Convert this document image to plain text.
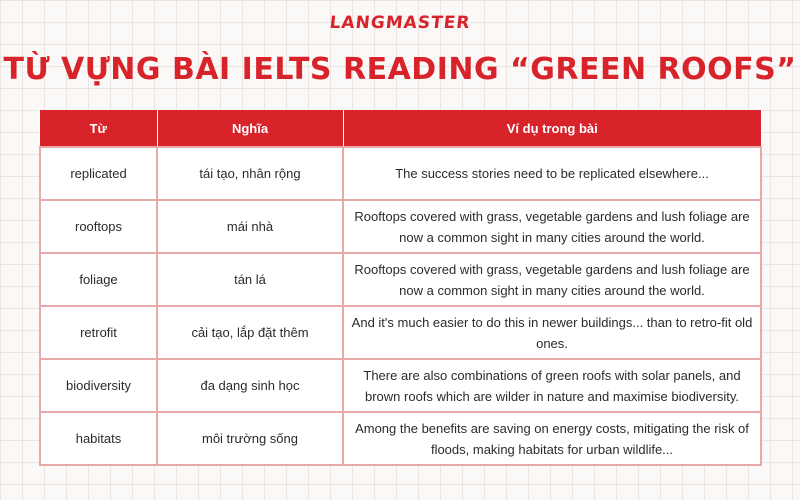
LANGMASTER
TỪ VỰNG BÀI IELTS READING “GREEN ROOFS”
Từ	Nghĩa	Ví dụ trong bài
replicated	tái tạo, nhân rộng	The success stories need to be replicated elsewhere...
rooftops	mái nhà	Rooftops covered with grass, vegetable gardens and lush foliage are now a common sight in many cities around the world.
foliage	tán lá	Rooftops covered with grass, vegetable gardens and lush foliage are now a common sight in many cities around the world.
retrofit	cải tạo, lắp đặt thêm	And it's much easier to do this in newer buildings... than to retro-fit old ones.
biodiversity	đa dạng sinh học	There are also combinations of green roofs with solar panels, and brown roofs which are wilder in nature and maximise biodiversity.
habitats	môi trường sống	Among the benefits are saving on energy costs, mitigating the risk of floods, making habitats for urban wildlife...
